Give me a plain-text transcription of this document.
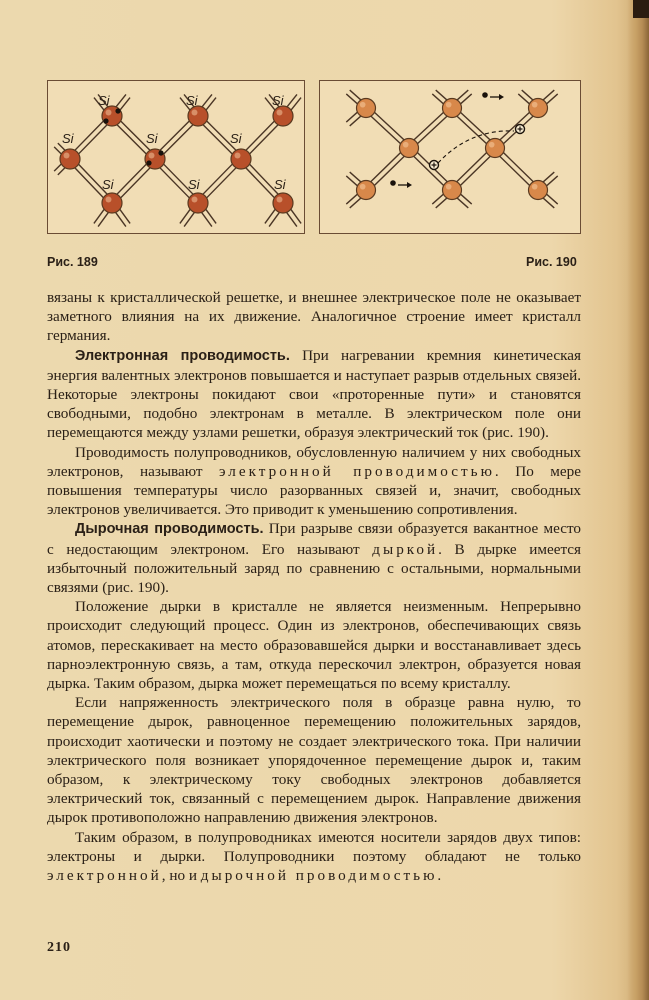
Si	Si	Si
Si	Si	Si
Si	Si	Si
Рис. 189	Рис. 190

вязаны к кристаллической решетке, и внешнее электрическое поле не оказывает заметного влияния на их движение. Аналогичное строение имеет кристалл германия.

Электронная проводимость. При нагревании кремния кинетическая энергия валентных электронов повышается и наступает разрыв отдельных связей. Некоторые электроны покидают свои «проторенные пути» и становятся свободными, подобно электронам в металле. В электрическом поле они перемещаются между узлами решетки, образуя электрический ток (рис. 190).

Проводимость полупроводников, обусловленную наличием у них свободных электронов, называют электронной проводимостью. По мере повышения температуры число разорванных связей и, значит, свободных электронов увеличивается. Это приводит к уменьшению сопротивления.

Дырочная проводимость. При разрыве связи образуется вакантное место с недостающим электроном. Его называют дыркой. В дырке имеется избыточный положительный заряд по сравнению с остальными, нормальными связями (рис. 190).

Положение дырки в кристалле не является неизменным. Непрерывно происходит следующий процесс. Один из электронов, обеспечивающих связь атомов, перескакивает на место образовавшейся дырки и восстанавливает здесь парноэлектронную связь, а там, откуда перескочил электрон, образуется новая дырка. Таким образом, дырка может перемещаться по всему кристаллу.

Если напряженность электрического поля в образце равна нулю, то перемещение дырок, равноценное перемещению положительных зарядов, происходит хаотически и поэтому не создает электрического тока. При наличии электрического поля возникает упорядоченное перемещение дырок и, таким образом, к электрическому току свободных электронов добавляется электрический ток, связанный с перемещением дырок. Направление движения дырок противоположно направлению движения электронов.

Таким образом, в полупроводниках имеются носители зарядов двух типов: электроны и дырки. Полупроводники поэтому обладают не только электронной, но и дырочной проводимостью.

210
